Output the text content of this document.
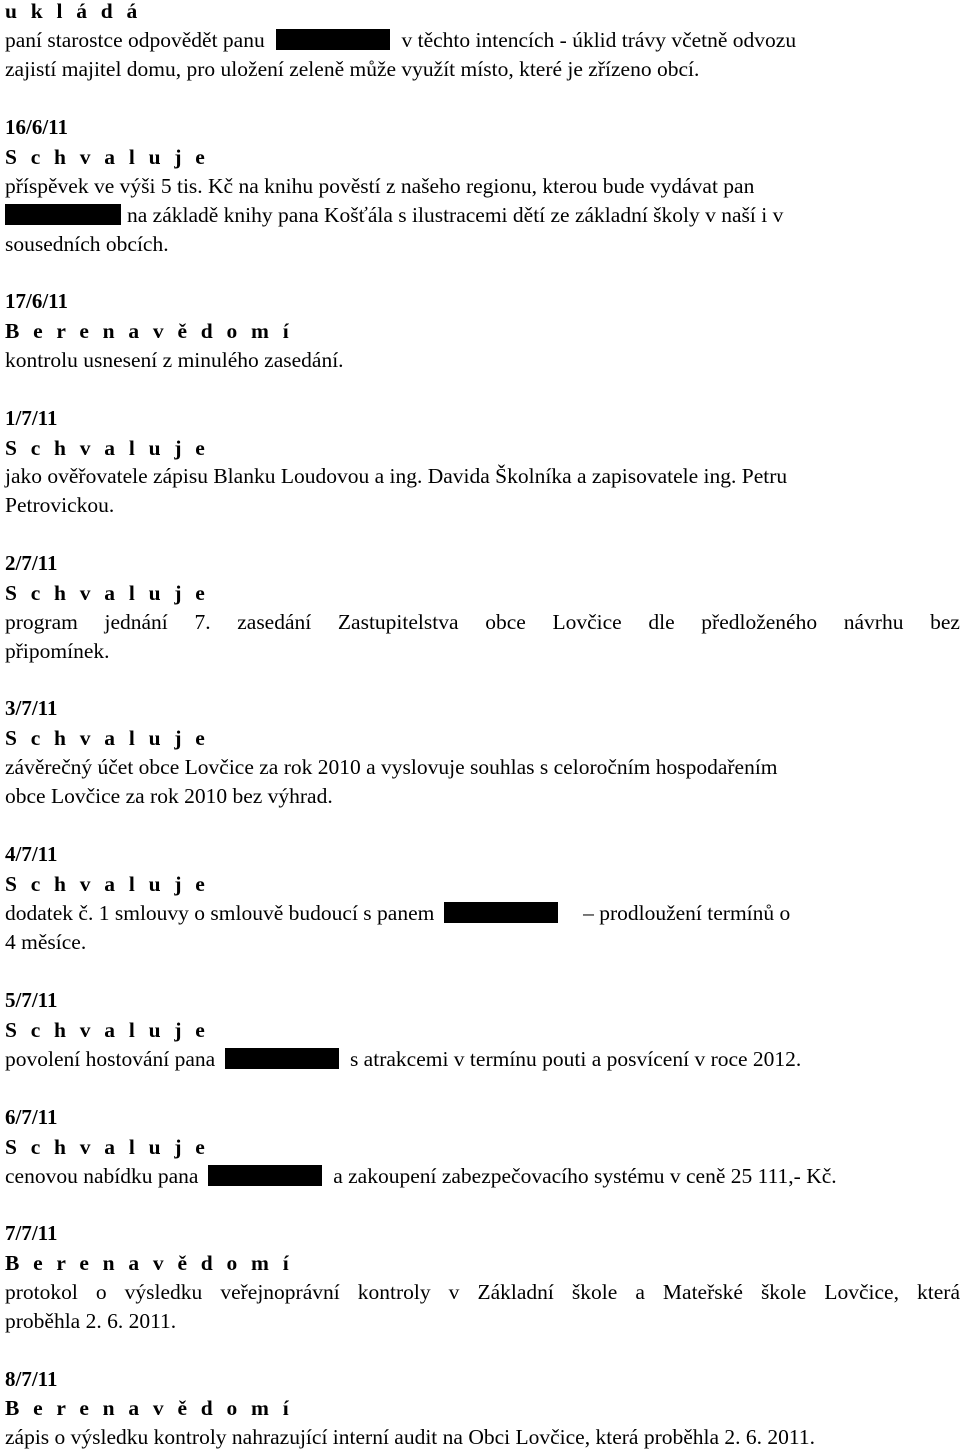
u k l á d á
paní starostce odpovědět panu	v těchto intencích - úklid trávy včetně odvozu
zajistí majitel domu, pro uložení zeleně může využít místo, které je zřízeno obcí.
16/6/11
S c h v a l u j e
příspěvek ve výši 5 tis. Kč na knihu pověstí z našeho regionu, kterou bude vydávat pan
na základě knihy pana Košťála s ilustracemi dětí ze základní školy v naší i v
sousedních obcích.
17/6/11
B e r e n a v ě d o m í
kontrolu usnesení z minulého zasedání.
1/7/11
S c h v a l u j e
jako ověřovatele zápisu Blanku Loudovou a ing. Davida Školníka a zapisovatele ing. Petru
Petrovickou.
2/7/11
S c h v a l u j e
program jednání 7. zasedání Zastupitelstva obce Lovčice dle předloženého návrhu bez
připomínek.
3/7/11
S c h v a l u j e
závěrečný účet obce Lovčice za rok 2010 a vyslovuje souhlas s celoročním hospodařením
obce Lovčice za rok 2010 bez výhrad.
4/7/11
S c h v a l u j e
dodatek č. 1 smlouvy o smlouvě budoucí s panem	– prodloužení termínů o
4 měsíce.
5/7/11
S c h v a l u j e
povolení hostování pana	s atrakcemi v termínu pouti a posvícení v roce 2012.
6/7/11
S c h v a l u j e
cenovou nabídku pana	a zakoupení zabezpečovacího systému v ceně 25 111,- Kč.
7/7/11
B e r e n a v ě d o m í
protokol o výsledku veřejnoprávní kontroly v Základní škole a Mateřské škole Lovčice, která
proběhla 2. 6. 2011.
8/7/11
B e r e n a v ě d o m í
zápis o výsledku kontroly nahrazující interní audit na Obci Lovčice, která proběhla 2. 6. 2011.
